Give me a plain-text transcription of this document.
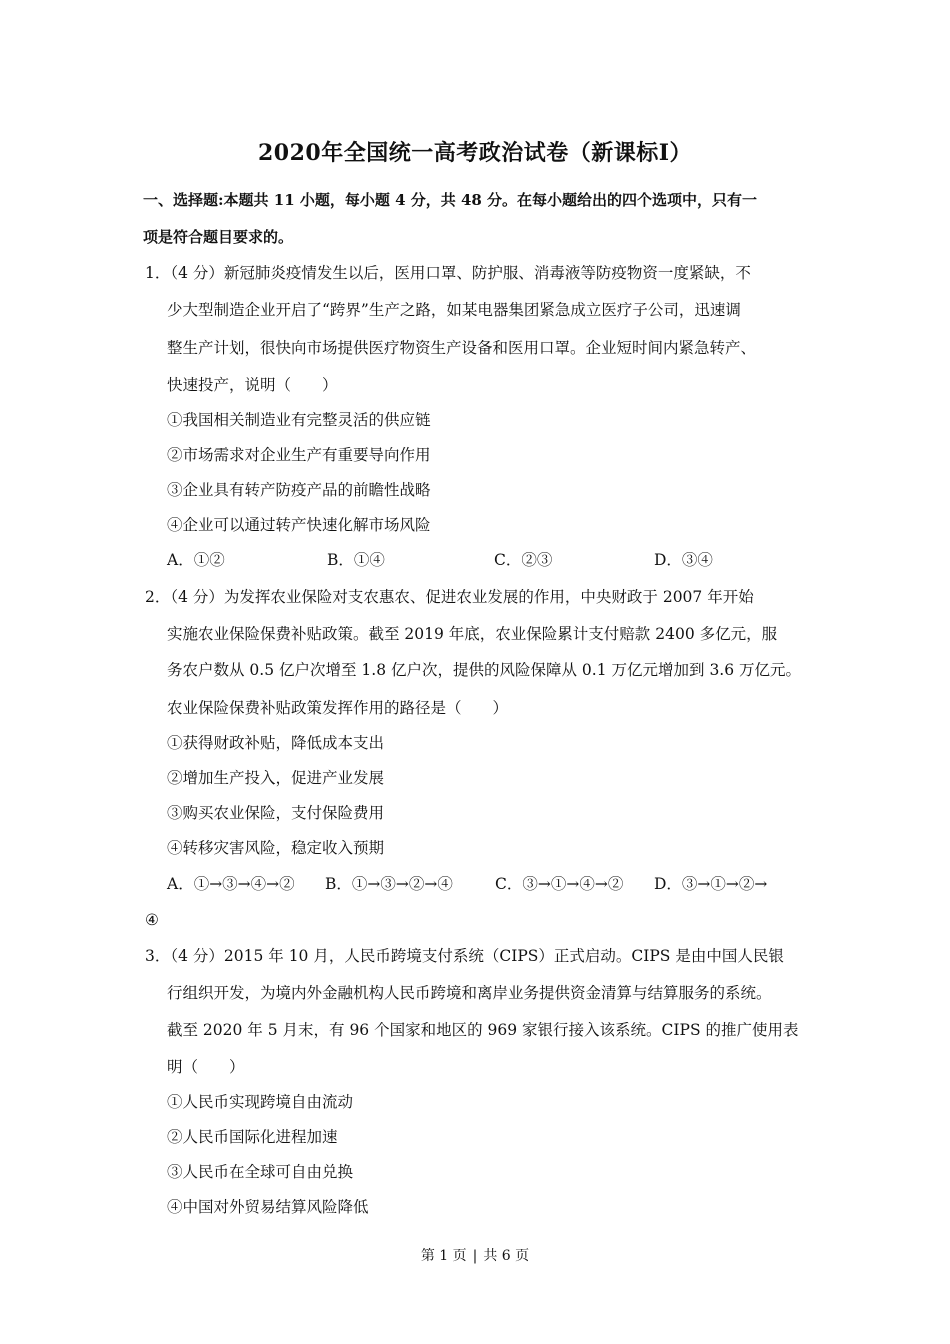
2020年全国统一高考政治试卷（新课标Ⅰ）
一、选择题:本题共 11 小题，每小题 4 分，共 48 分。在每小题给出的四个选项中，只有一
项是符合题目要求的。
1．（4 分）新冠肺炎疫情发生以后，医用口罩、防护服、消毒液等防疫物资一度紧缺，不
少大型制造企业开启了“跨界”生产之路，如某电器集团紧急成立医疗子公司，迅速调
整生产计划，很快向市场提供医疗物资生产设备和医用口罩。企业短时间内紧急转产、
快速投产，说明（　　）
①我国相关制造业有完整灵活的供应链
②市场需求对企业生产有重要导向作用
③企业具有转产防疫产品的前瞻性战略
④企业可以通过转产快速化解市场风险
A．①②	B．①④	C．②③	D．③④
2．（4 分）为发挥农业保险对支农惠农、促进农业发展的作用，中央财政于 2007 年开始
实施农业保险保费补贴政策。截至 2019 年底，农业保险累计支付赔款 2400 多亿元，服
务农户数从 0.5 亿户次增至 1.8 亿户次，提供的风险保障从 0.1 万亿元增加到 3.6 万亿元。
农业保险保费补贴政策发挥作用的路径是（　　）
①获得财政补贴，降低成本支出
②增加生产投入，促进产业发展
③购买农业保险，支付保险费用
④转移灾害风险，稳定收入预期
A．①→③→④→② B．①→③→②→④	C．③→①→④→② D．③→①→②→
④
3．（4 分）2015 年 10 月，人民币跨境支付系统（CIPS）正式启动。CIPS 是由中国人民银
行组织开发，为境内外金融机构人民币跨境和离岸业务提供资金清算与结算服务的系统。
截至 2020 年 5 月末，有 96 个国家和地区的 969 家银行接入该系统。CIPS 的推广使用表
明（　　）
①人民币实现跨境自由流动
②人民币国际化进程加速
③人民币在全球可自由兑换
④中国对外贸易结算风险降低
第 1 页 | 共 6 页
